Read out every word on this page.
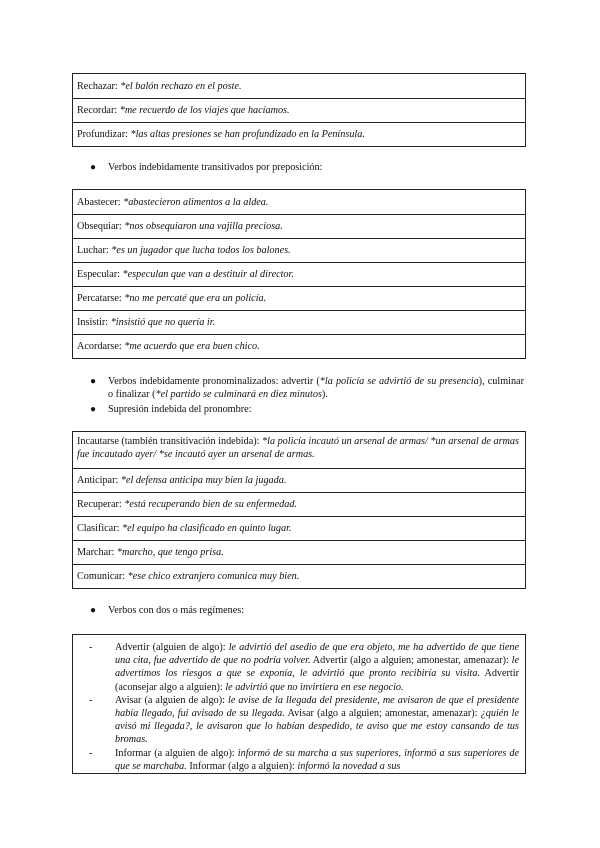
Rechazar:
*el balón rechazo en el poste.
Recordar:
*me recuerdo de los viajes que hacíamos.
Profundizar:
*las altas presiones se han profundizado en la Península.
●	Verbos indebidamente transitivados por preposición:
Abastecer:
*abastecieron alimentos a la aldea.
Obsequiar:
*nos obsequiaron una vajilla preciosa.
Luchar:
*es un jugador que lucha todos los balones.
Especular:
*especulan que van a destituir al director.
Percatarse:
*no me percaté que era un policía.
Insistir:
*insistió que no quería ir.
Acordarse:
*me acuerdo que era buen chico.
●	Verbos indebidamente pronominalizados: advertir (*la policía se advirtió de su presencia), culminar o finalizar (*el partido se culminará en diez minutos).
●	Supresión indebida del pronombre:
Incautarse (también transitivación indebida): *la policía incautó un arsenal de armas/ *un arsenal de armas fue incautado ayer/ *se incautó ayer un arsenal de armas.
Anticipar:
*el defensa anticipa muy bien la jugada.
Recuperar:
*está recuperando bien de su enfermedad.
Clasificar:
*el equipo ha clasificado en quinto lugar.
Marchar:
*marcho, que tengo prisa.
Comunicar:
*ese chico extranjero comunica muy bien.
●	Verbos con dos o más regímenes:
-	Advertir (alguien de algo): le advirtió del asedio de que era objeto, me ha advertido de que tiene una cita, fue advertido de que no podría volver. Advertir (algo a alguien; amonestar, amenazar): le advertimos los riesgos a que se exponía, le advirtió que pronto recibiría su visita. Advertir (aconsejar algo a alguien): le advirtió que no invirtiera en ese negocio.
-	Avisar (a alguien de algo): le avise de la llegada del presidente, me avisaron de que el presidente había llegado, fui avisado de su llegada. Avisar (algo a alguien; amonestar, amenazar): ¿quién le avisó mi llegada?, le avisaron que lo habían despedido, te aviso que me estoy cansando de tus bromas.
-	Informar (a alguien de algo): informó de su marcha a sus superiores, informó a sus superiores de que se marchaba. Informar (algo a alguien): informó la novedad a sus
